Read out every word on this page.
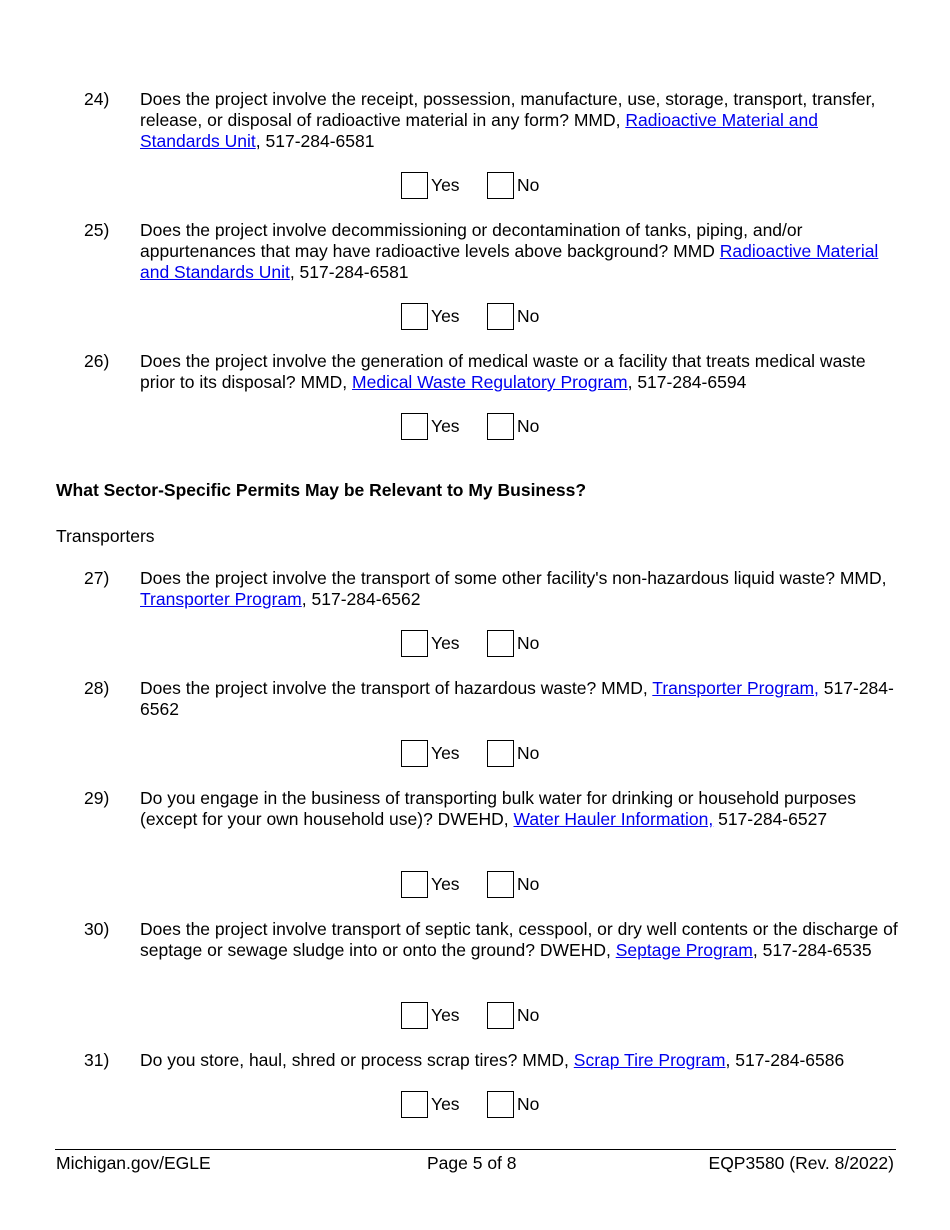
24) Does the project involve the receipt, possession, manufacture, use, storage, transport, transfer, release, or disposal of radioactive material in any form? MMD, Radioactive Material and Standards Unit, 517-284-6581
Yes	No
25) Does the project involve decommissioning or decontamination of tanks, piping, and/or appurtenances that may have radioactive levels above background? MMD Radioactive Material and Standards Unit, 517-284-6581
Yes	No
26) Does the project involve the generation of medical waste or a facility that treats medical waste prior to its disposal? MMD, Medical Waste Regulatory Program, 517-284-6594
Yes	No
What Sector-Specific Permits May be Relevant to My Business?
Transporters
27) Does the project involve the transport of some other facility's non-hazardous liquid waste? MMD, Transporter Program, 517-284-6562
Yes	No
28) Does the project involve the transport of hazardous waste? MMD, Transporter Program, 517-284-6562
Yes	No
29) Do you engage in the business of transporting bulk water for drinking or household purposes (except for your own household use)? DWEHD, Water Hauler Information, 517-284-6527
Yes	No
30) Does the project involve transport of septic tank, cesspool, or dry well contents or the discharge of septage or sewage sludge into or onto the ground? DWEHD, Septage Program, 517-284-6535
Yes	No
31) Do you store, haul, shred or process scrap tires? MMD, Scrap Tire Program, 517-284-6586
Yes	No
Michigan.gov/EGLE	Page 5 of 8	EQP3580 (Rev. 8/2022)
